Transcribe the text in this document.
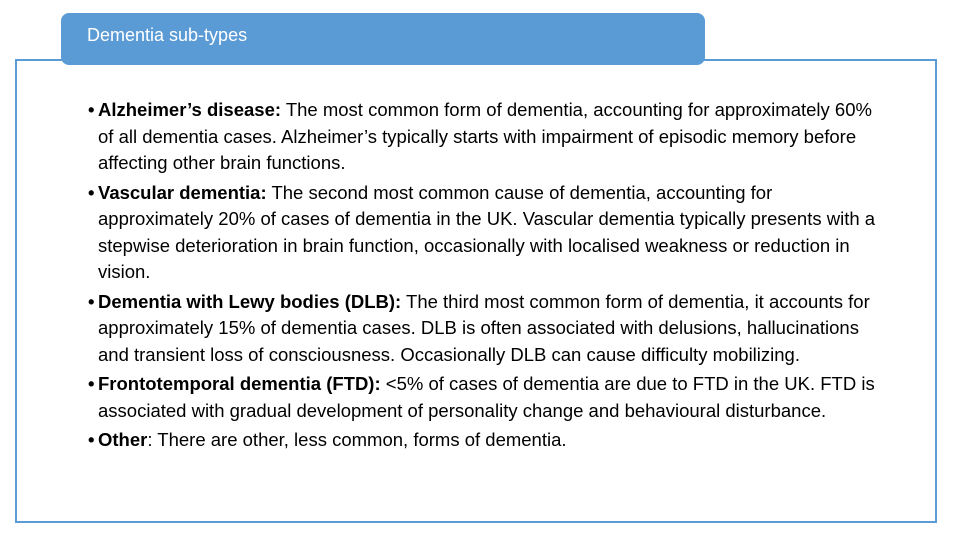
Dementia sub-types
• Alzheimer’s disease: The most common form of dementia, accounting for approximately 60% of all dementia cases. Alzheimer’s typically starts with impairment of episodic memory before affecting other brain functions.
• Vascular dementia: The second most common cause of dementia, accounting for approximately 20% of cases of dementia in the UK. Vascular dementia typically presents with a stepwise deterioration in brain function, occasionally with localised weakness or reduction in vision.
• Dementia with Lewy bodies (DLB): The third most common form of dementia, it accounts for approximately 15% of dementia cases. DLB is often associated with delusions, hallucinations and transient loss of consciousness. Occasionally DLB can cause difficulty mobilizing.
• Frontotemporal dementia (FTD): <5% of cases of dementia are due to FTD in the UK. FTD is associated with gradual development of personality change and behavioural disturbance.
• Other: There are other, less common, forms of dementia.
